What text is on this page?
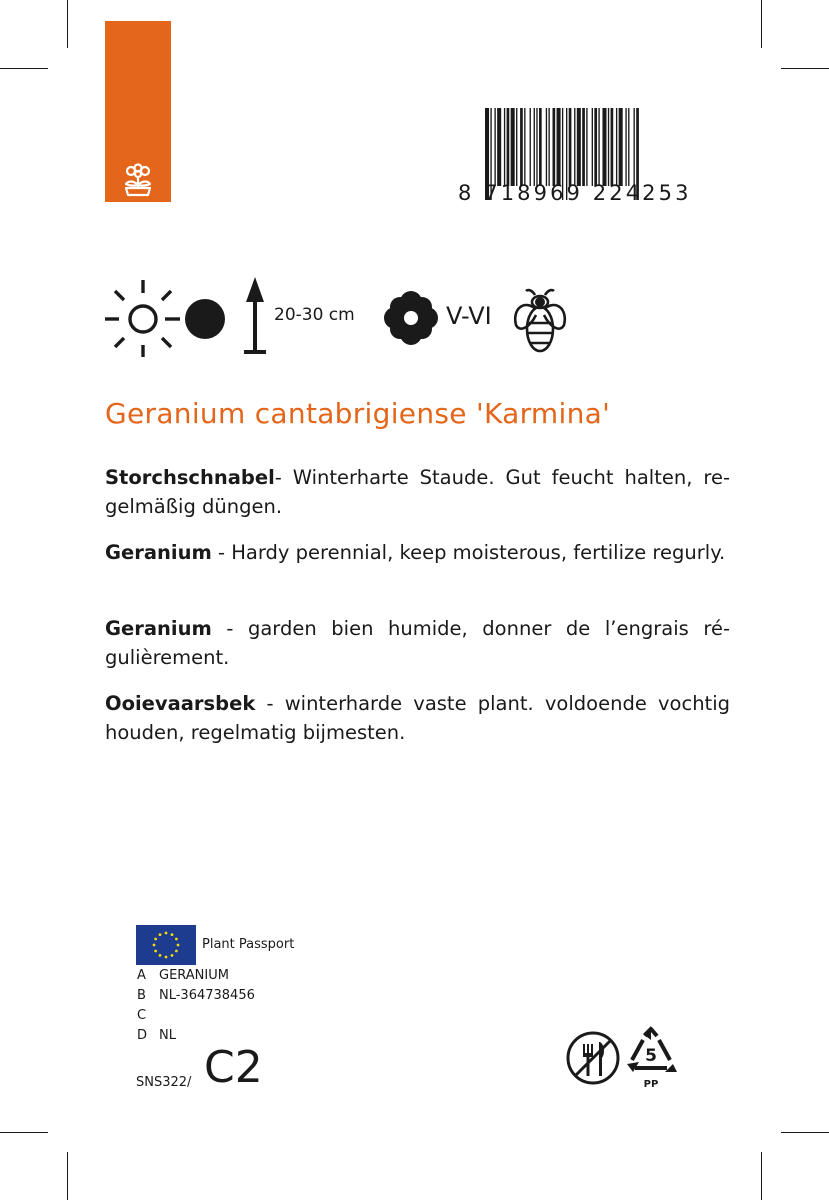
8 718969 224253
20-30 cm	V-VI
Geranium cantabrigiense 'Karmina'
Storchschnabel- Winterharte Staude. Gut feucht halten, regelmäßig düngen.
Geranium - Hardy perennial, keep moisterous, fertilize regurly.
Geranium - garden bien humide, donner de l’engrais régulièrement.
Ooievaarsbek - winterharde vaste plant. voldoende vochtig houden, regelmatig bijmesten.
Plant Passport
A GERANIUM
B NL-364738456
C
D NL
SNS322/ C2	5
PP
